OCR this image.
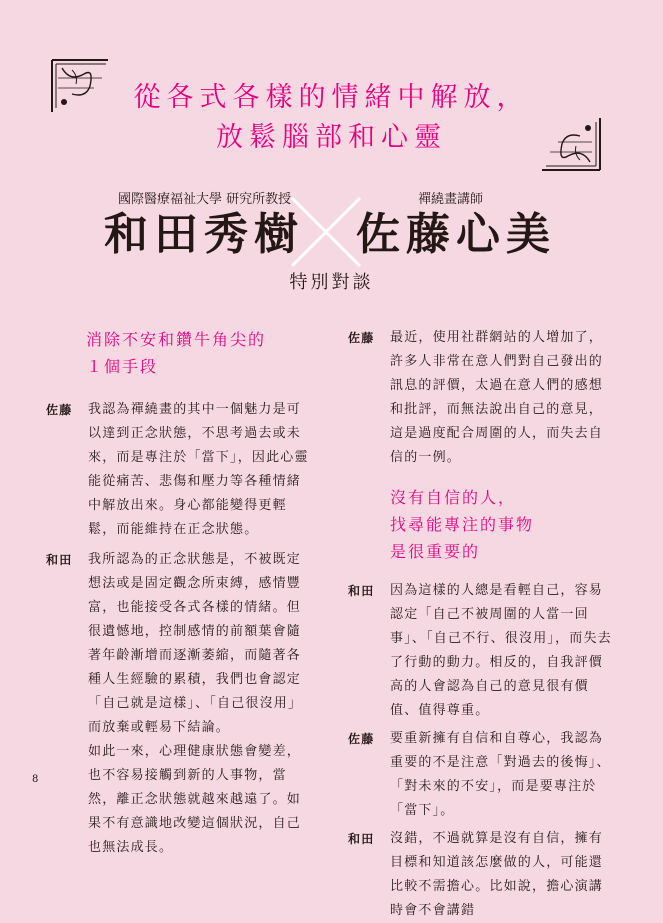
從各式各樣的情緒中解放，
放鬆腦部和心靈
國際醫療福祉大學 研究所教授
和田秀樹
禪繞畫講師
佐藤心美
特別對談
消除不安和鑽牛角尖的
１個手段
佐藤 我認為禪繞畫的其中一個魅力是可以達到正念狀態，不思考過去或未來，而是專注於「當下」，因此心靈能從痛苦、悲傷和壓力等各種情緒中解放出來。身心都能變得更輕鬆，而能維持在正念狀態。
和田 我所認為的正念狀態是，不被既定想法或是固定觀念所束縛，感情豐富，也能接受各式各樣的情緒。但很遺憾地，控制感情的前額葉會隨著年齡漸增而逐漸萎縮，而隨著各種人生經驗的累積，我們也會認定「自己就是這樣」、「自己很沒用」而放棄或輕易下結論。
如此一來，心理健康狀態會變差，也不容易接觸到新的人事物，當然，離正念狀態就越來越遠了。如果不有意識地改變這個狀況，自己也無法成長。
佐藤 最近，使用社群網站的人增加了，許多人非常在意人們對自己發出的訊息的評價，太過在意人們的感想和批評，而無法說出自己的意見，這是過度配合周圍的人，而失去自信的一例。
沒有自信的人，
找尋能專注的事物
是很重要的
和田 因為這樣的人總是看輕自己，容易認定「自己不被周圍的人當一回事」、「自己不行、很沒用」，而失去了行動的動力。相反的，自我評價高的人會認為自己的意見很有價值、值得尊重。
佐藤 要重新擁有自信和自尊心，我認為重要的不是注意「對過去的後悔」、「對未來的不安」，而是要專注於「當下」。
和田 沒錯，不過就算是沒有自信，擁有目標和知道該怎麼做的人，可能還比較不需擔心。比如說，擔心演講時會不會講錯
8
